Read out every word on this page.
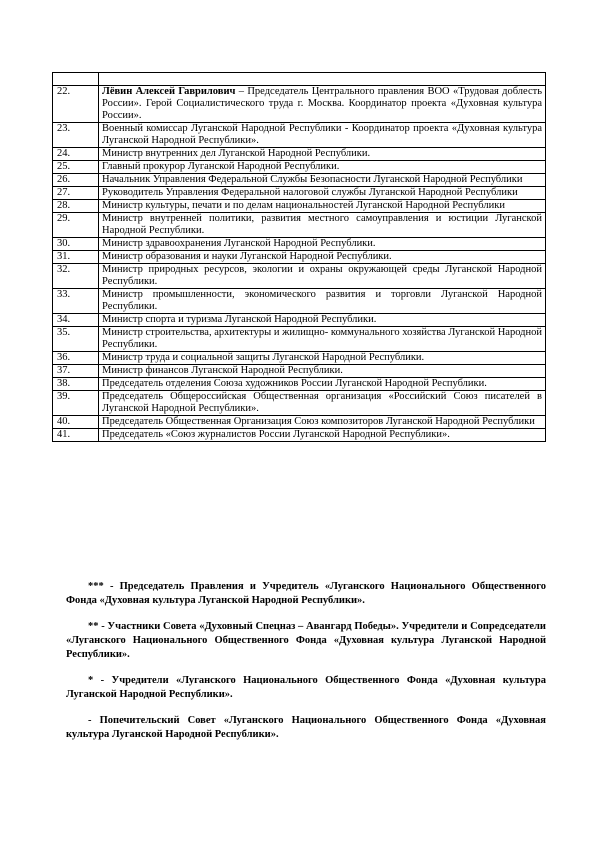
22.	Лёвин Алексей Гаврилович – Председатель Центрального правления ВОО «Трудовая доблесть России». Герой Социалистического труда г. Москва. Координатор проекта «Духовная культура России».
23.	Военный комиссар Луганской Народной Республики - Координатор проекта «Духовная культура Луганской Народной Республики».
24.	Министр внутренних дел Луганской Народной Республики.
25.	Главный прокурор Луганской Народной Республики.
26.	Начальник Управления Федеральной Службы Безопасности Луганской Народной Республики
27.	Руководитель Управления Федеральной налоговой службы Луганской Народной Республики
28.	Министр культуры, печати и по делам национальностей Луганской Народной Республики
29.	Министр внутренней политики, развития местного самоуправления и юстиции Луганской Народной Республики.
30.	Министр здравоохранения Луганской Народной Республики.
31.	Министр образования и науки Луганской Народной Республики.
32.	Министр природных ресурсов, экологии и охраны окружающей среды Луганской Народной Республики.
33.	Министр промышленности, экономического развития и торговли Луганской Народной Республики.
34.	Министр спорта и туризма Луганской Народной Республики.
35.	Министр строительства, архитектуры и жилищно- коммунального хозяйства Луганской Народной Республики.
36.	Министр труда и социальной защиты Луганской Народной Республики.
37.	Министр финансов Луганской Народной Республики.
38.	Председатель отделения Союза художников России Луганской Народной Республики.
39.	Председатель Общероссийская Общественная организация «Российский Союз писателей в Луганской Народной Республики».
40.	Председатель Общественная Организация Союз композиторов Луганской Народной Республики
41.	Председатель «Союз журналистов России Луганской Народной Республики».

*** - Председатель Правления и Учредитель «Луганского Национального Общественного Фонда «Духовная культура Луганской Народной Республики».

** - Участники Совета «Духовный Спецназ – Авангард Победы». Учредители и Сопредседатели «Луганского Национального Общественного Фонда «Духовная культура Луганской Народной Республики».

* - Учредители «Луганского Национального Общественного Фонда «Духовная культура Луганской Народной Республики».

- Попечительский Совет «Луганского Национального Общественного Фонда «Духовная культура Луганской Народной Республики».
